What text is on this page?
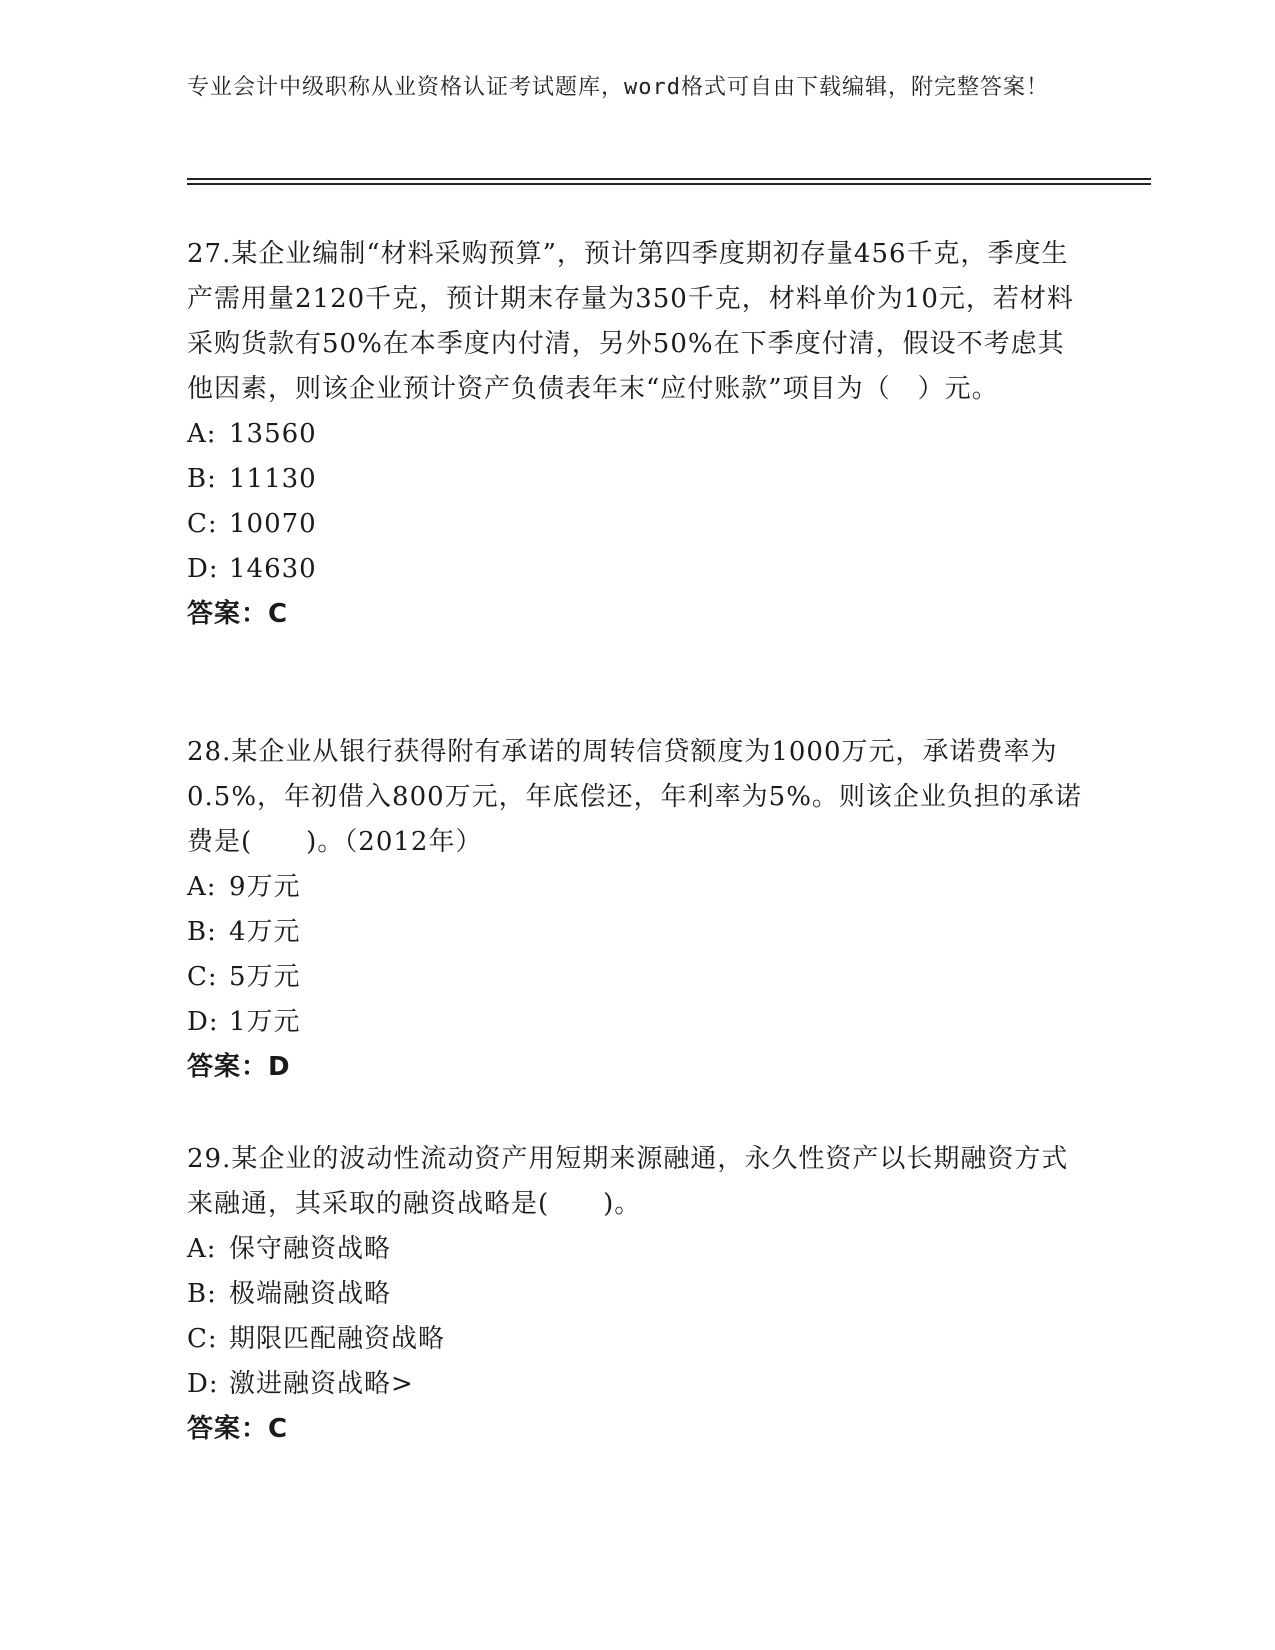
专业会计中级职称从业资格认证考试题库，word格式可自由下载编辑，附完整答案！

27.某企业编制“材料采购预算”，预计第四季度期初存量456千克，季度生产需用量2120千克，预计期末存量为350千克，材料单价为10元，若材料采购货款有50%在本季度内付清，另外50%在下季度付清，假设不考虑其他因素，则该企业预计资产负债表年末“应付账款”项目为（　）元。

A: 13560

B: 11130

C: 10070

D: 14630

答案：C

28.某企业从银行获得附有承诺的周转信贷额度为1000万元，承诺费率为0.5%，年初借入800万元，年底偿还，年利率为5%。则该企业负担的承诺费是(　　)。（2012年）

A: 9万元

B: 4万元

C: 5万元

D: 1万元

答案：D

29.某企业的波动性流动资产用短期来源融通，永久性资产以长期融资方式来融通，其采取的融资战略是(　　)。

A: 保守融资战略

B: 极端融资战略

C: 期限匹配融资战略

D: 激进融资战略>

答案：C
